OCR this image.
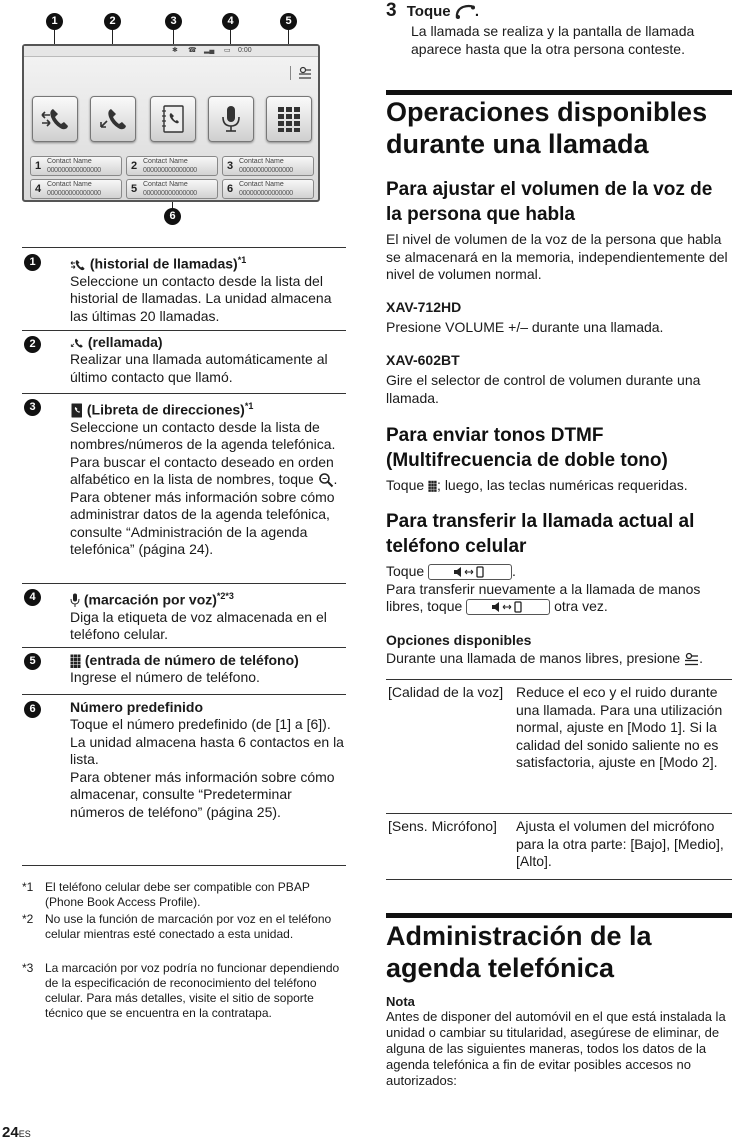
1	2	3	4	5
6
✱ ☎ ▂▄ ▭ 0:00
1 Contact Name
000000000000000	2 Contact Name
000000000000000	3 Contact Name
000000000000000
4 Contact Name
000000000000000	5 Contact Name
000000000000000	6 Contact Name
000000000000000
1	(historial de llamadas)$^{*1}$
Seleccione un contacto desde la lista del historial de llamadas. La unidad almacena las últimas 20 llamadas.
2	(rellamada)
Realizar una llamada automáticamente al último contacto que llamó.
3	(Libreta de direcciones)$^{*1}$
Seleccione un contacto desde la lista de nombres/números de la agenda telefónica. Para buscar el contacto deseado en orden alfabético en la lista de nombres, toque .
Para obtener más información sobre cómo administrar datos de la agenda telefónica, consulte “Administración de la agenda telefónica” (página 24).
4	(marcación por voz)$^{*2*3}$
Diga la etiqueta de voz almacenada en el teléfono celular.
5	(entrada de número de teléfono)
Ingrese el número de teléfono.
6	Número predefinido
Toque el número predefinido (de [1] a [6]).
La unidad almacena hasta 6 contactos en la lista.
Para obtener más información sobre cómo almacenar, consulte “Predeterminar números de teléfono” (página 25).
*1 El teléfono celular debe ser compatible con PBAP (Phone Book Access Profile).
*2 No use la función de marcación por voz en el teléfono celular mientras esté conectado a esta unidad.
*3 La marcación por voz podría no funcionar dependiendo de la especificación de reconocimiento del teléfono celular. Para más detalles, visite el sitio de soporte técnico que se encuentra en la contratapa.
24ES
3 Toque .
La llamada se realiza y la pantalla de llamada aparece hasta que la otra persona conteste.
Operaciones disponibles durante una llamada
Para ajustar el volumen de la voz de la persona que habla
El nivel de volumen de la voz de la persona que habla se almacenará en la memoria, independientemente del nivel de volumen normal.
XAV-712HD
Presione VOLUME +/– durante una llamada.
XAV-602BT
Gire el selector de control de volumen durante una llamada.
Para enviar tonos DTMF (Multifrecuencia de doble tono)
Toque ; luego, las teclas numéricas requeridas.
Para transferir la llamada actual al teléfono celular
Toque	.
Para transferir nuevamente a la llamada de manos libres, toque	otra vez.
Opciones disponibles
Durante una llamada de manos libres, presione .
[Calidad de la voz] Reduce el eco y el ruido durante una llamada. Para una utilización normal, ajuste en [Modo 1]. Si la calidad del sonido saliente no es satisfactoria, ajuste en [Modo 2].
[Sens. Micrófono]	Ajusta el volumen del micrófono para la otra parte: [Bajo], [Medio], [Alto].
Administración de la agenda telefónica
Nota
Antes de disponer del automóvil en el que está instalada la unidad o cambiar su titularidad, asegúrese de eliminar, de alguna de las siguientes maneras, todos los datos de la agenda telefónica a fin de evitar posibles accesos no autorizados:
